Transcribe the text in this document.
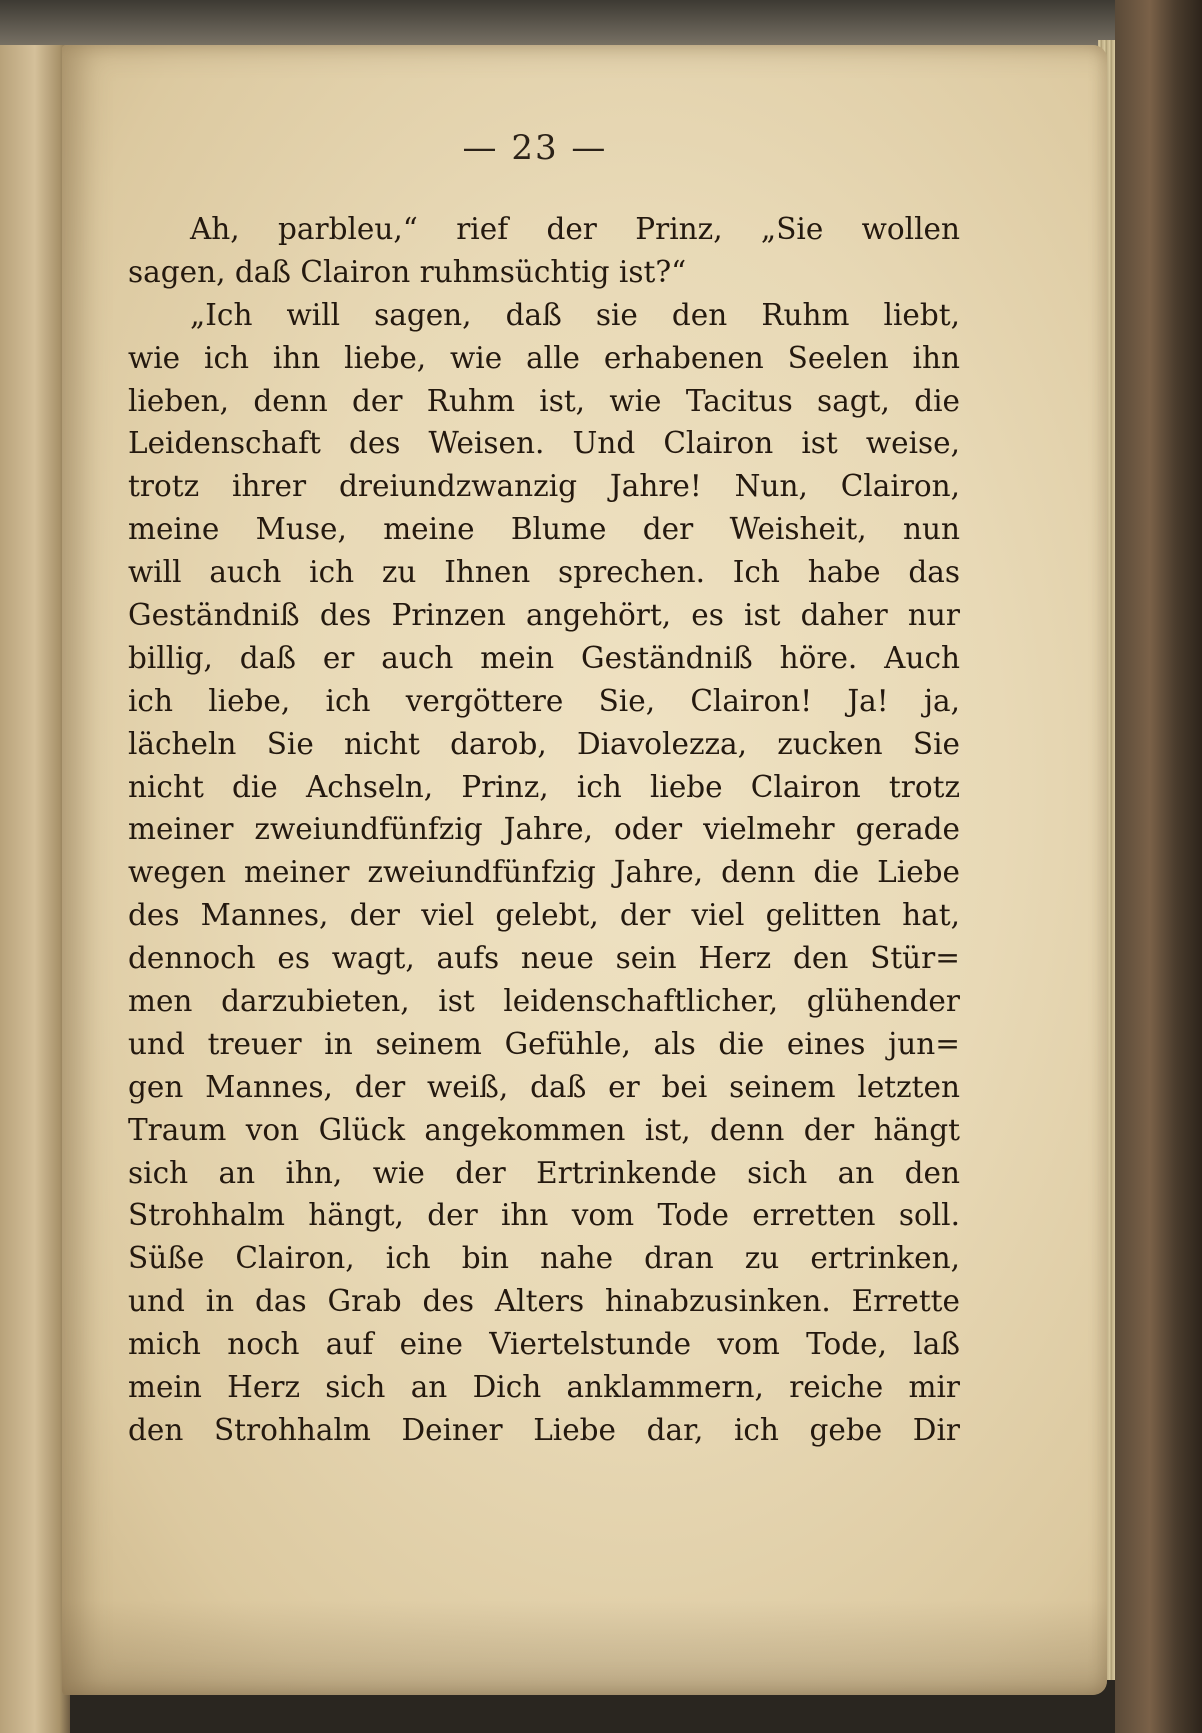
— 23 —
Ah, parbleu,“ rief der Prinz, „Sie wollen
sagen, daß Clairon ruhmsüchtig ist?“
„Ich will sagen, daß sie den Ruhm liebt,
wie ich ihn liebe, wie alle erhabenen Seelen ihn
lieben, denn der Ruhm ist, wie Tacitus sagt, die
Leidenschaft des Weisen. Und Clairon ist weise,
trotz ihrer dreiundzwanzig Jahre! Nun, Clairon,
meine Muse, meine Blume der Weisheit, nun
will auch ich zu Ihnen sprechen. Ich habe das
Geständniß des Prinzen angehört, es ist daher nur
billig, daß er auch mein Geständniß höre. Auch
ich liebe, ich vergöttere Sie, Clairon! Ja! ja,
lächeln Sie nicht darob, Diavolezza, zucken Sie
nicht die Achseln, Prinz, ich liebe Clairon trotz
meiner zweiundfünfzig Jahre, oder vielmehr gerade
wegen meiner zweiundfünfzig Jahre, denn die Liebe
des Mannes, der viel gelebt, der viel gelitten hat,
dennoch es wagt, aufs neue sein Herz den Stür=
men darzubieten, ist leidenschaftlicher, glühender
und treuer in seinem Gefühle, als die eines jun=
gen Mannes, der weiß, daß er bei seinem letzten
Traum von Glück angekommen ist, denn der hängt
sich an ihn, wie der Ertrinkende sich an den
Strohhalm hängt, der ihn vom Tode erretten soll.
Süße Clairon, ich bin nahe dran zu ertrinken,
und in das Grab des Alters hinabzusinken. Errette
mich noch auf eine Viertelstunde vom Tode, laß
mein Herz sich an Dich anklammern, reiche mir
den Strohhalm Deiner Liebe dar, ich gebe Dir
